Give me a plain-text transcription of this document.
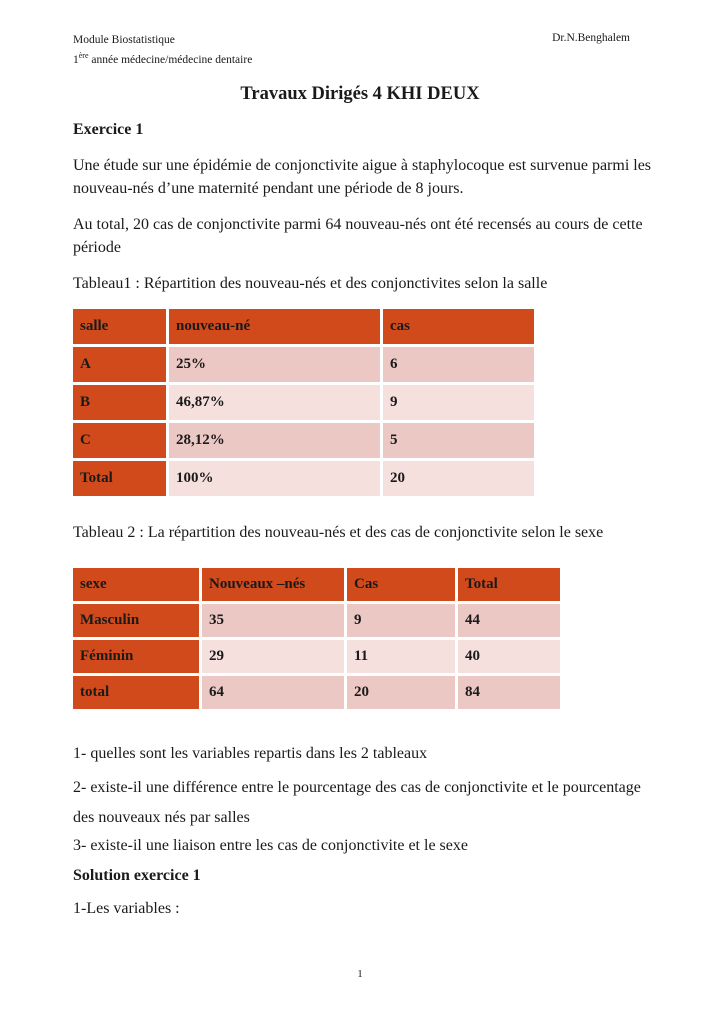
Module Biostatistique
1ère année médecine/médecine dentaire
Dr.N.Benghalem
Travaux Dirigés 4 KHI DEUX
Exercice 1
Une étude sur une épidémie de conjonctivite aigue à staphylocoque est survenue parmi les nouveau-nés d’une maternité pendant une période de 8 jours.
Au total, 20 cas de conjonctivite parmi 64 nouveau-nés ont été recensés au cours de cette période
Tableau1 : Répartition des nouveau-nés et des conjonctivites selon la salle
salle	nouveau-né	cas
A	25%	6
B	46,87%	9
C	28,12%	5
Total	100%	20
Tableau 2 : La répartition des nouveau-nés et des cas de conjonctivite selon le sexe
sexe	Nouveaux –nés	Cas	Total
Masculin	35	9	44
Féminin	29	11	40
total	64	20	84
1- quelles sont les variables repartis dans les 2 tableaux
2- existe-il une différence entre le pourcentage des cas de conjonctivite et le pourcentage des nouveaux nés par salles
3- existe-il une liaison entre les cas de conjonctivite et le sexe
Solution exercice 1
1-Les variables :
1
